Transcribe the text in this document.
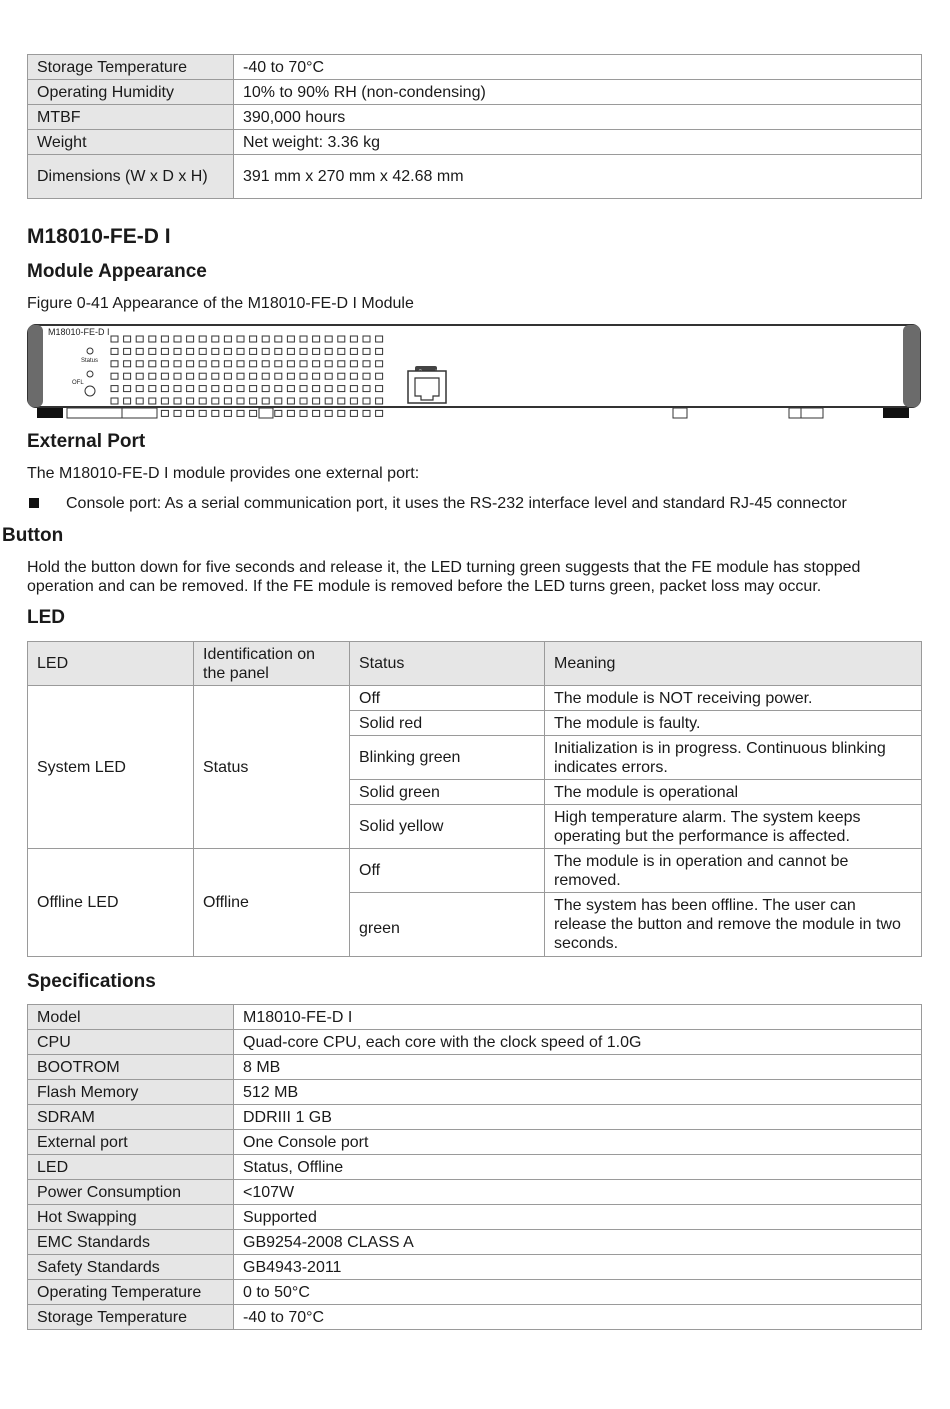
Storage Temperature	-40 to 70°C
Operating Humidity	10% to 90% RH (non-condensing)
MTBF	390,000 hours
Weight	Net weight: 3.36 kg
Dimensions (W x D x H)	391 mm x 270 mm x 42.68 mm
M18010-FE-D I
Module Appearance
Figure 0-41 Appearance of the M18010-FE-D I Module
M18010-FE-D I
Status
OFL
External Port
The M18010-FE-D I module provides one external port:
Console port: As a serial communication port, it uses the RS-232 interface level and standard RJ-45 connector
Button
Hold the button down for five seconds and release it, the LED turning green suggests that the FE module has stopped operation and can be removed. If the FE module is removed before the LED turns green, packet loss may occur.
LED
LED	Identification on the panel	Status	Meaning
System LED	Status	Off	The module is NOT receiving power.
		Solid red	The module is faulty.
		Blinking green	Initialization is in progress. Continuous blinking indicates errors.
		Solid green	The module is operational
		Solid yellow	High temperature alarm. The system keeps operating but the performance is affected.
Offline LED	Offline	Off	The module is in operation and cannot be removed.
		green	The system has been offline. The user can release the button and remove the module in two seconds.
Specifications
Model	M18010-FE-D I
CPU	Quad-core CPU, each core with the clock speed of 1.0G
BOOTROM	8 MB
Flash Memory	512 MB
SDRAM	DDRIII 1 GB
External port	One Console port
LED	Status, Offline
Power Consumption	<107W
Hot Swapping	Supported
EMC Standards	GB9254-2008 CLASS A
Safety Standards	GB4943-2011
Operating Temperature	0 to 50°C
Storage Temperature	-40 to 70°C
